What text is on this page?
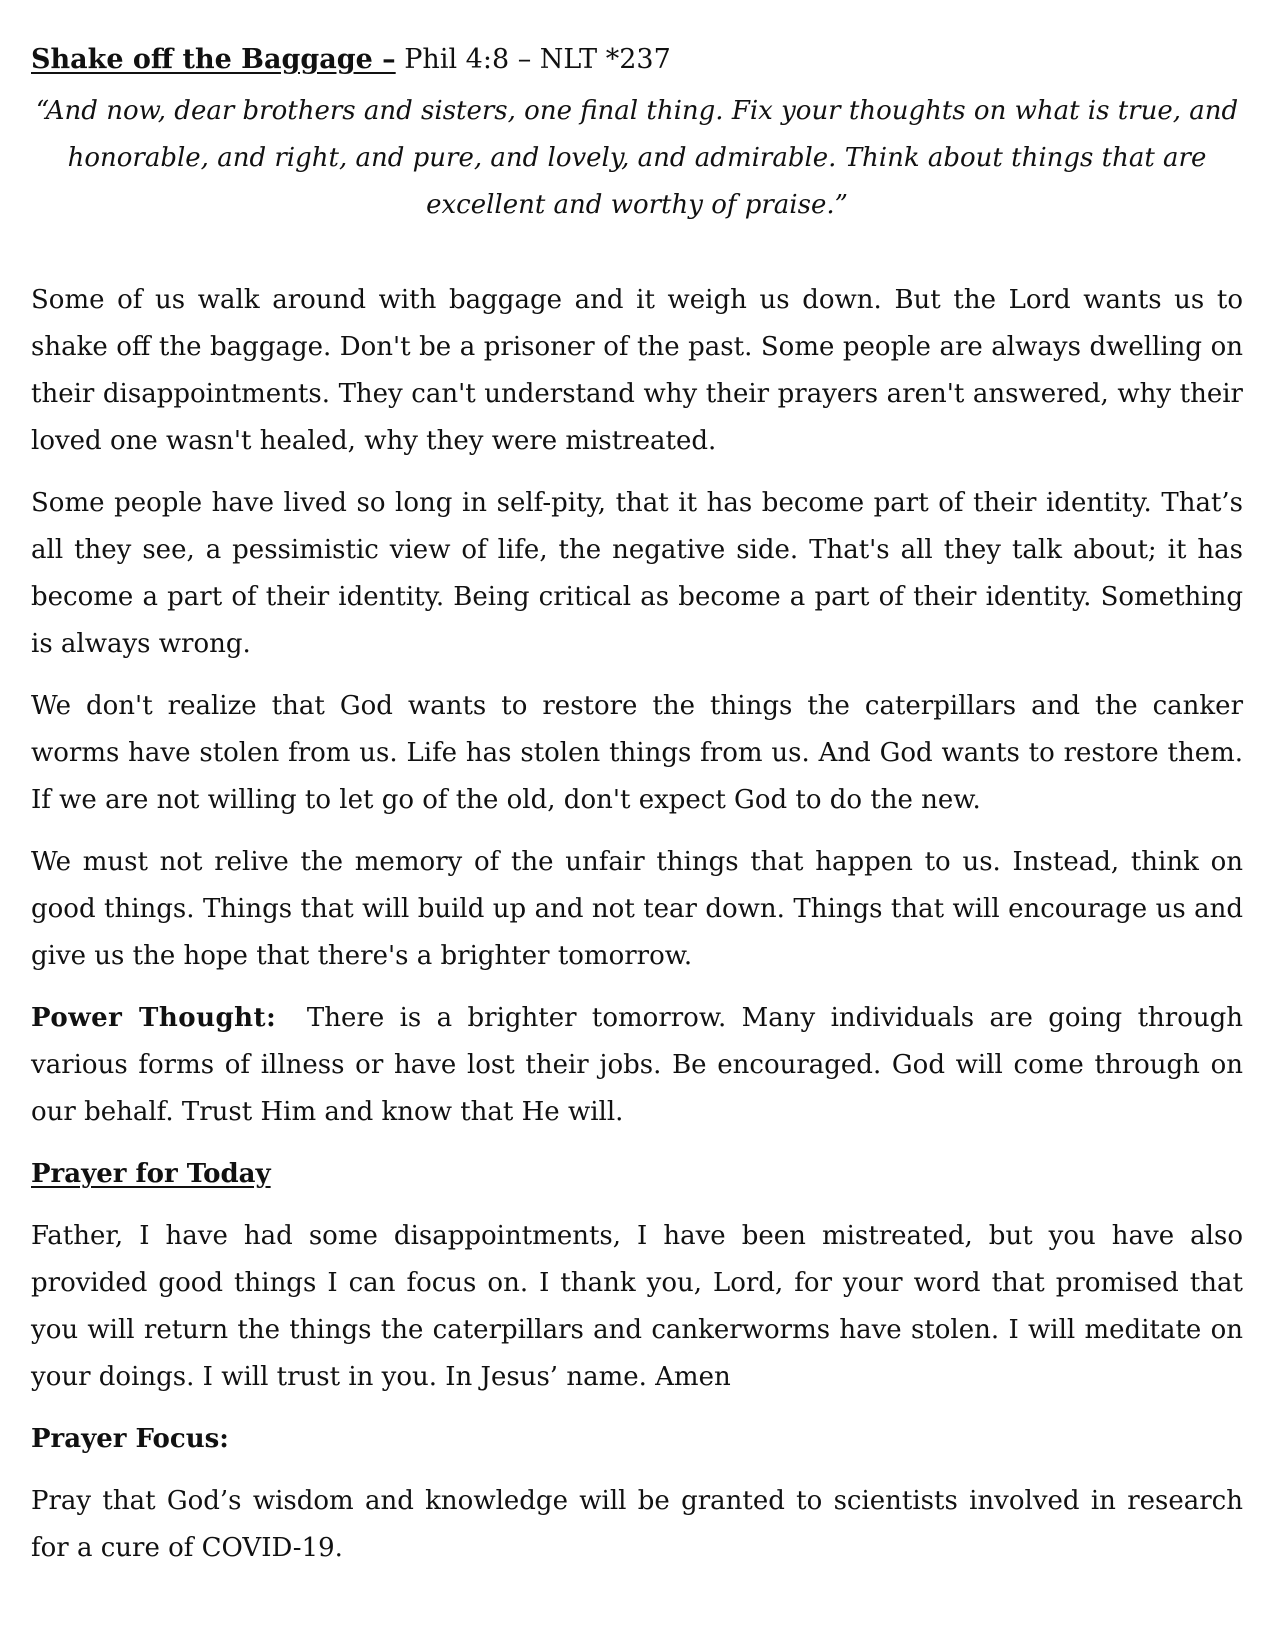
Shake off the Baggage – Phil 4:8 – NLT *237

“And now, dear brothers and sisters, one final thing. Fix your thoughts on what is true, and honorable, and right, and pure, and lovely, and admirable. Think about things that are excellent and worthy of praise.”

Some of us walk around with baggage and it weigh us down. But the Lord wants us to shake off the baggage. Don't be a prisoner of the past. Some people are always dwelling on their disappointments. They can't understand why their prayers aren't answered, why their loved one wasn't healed, why they were mistreated.

Some people have lived so long in self-pity, that it has become part of their identity. That’s all they see, a pessimistic view of life, the negative side. That's all they talk about; it has become a part of their identity. Being critical as become a part of their identity. Something is always wrong.

We don't realize that God wants to restore the things the caterpillars and the canker worms have stolen from us. Life has stolen things from us. And God wants to restore them. If we are not willing to let go of the old, don't expect God to do the new.

We must not relive the memory of the unfair things that happen to us. Instead, think on good things. Things that will build up and not tear down. Things that will encourage us and give us the hope that there's a brighter tomorrow.

Power Thought: There is a brighter tomorrow. Many individuals are going through various forms of illness or have lost their jobs. Be encouraged. God will come through on our behalf. Trust Him and know that He will.

Prayer for Today

Father, I have had some disappointments, I have been mistreated, but you have also provided good things I can focus on. I thank you, Lord, for your word that promised that you will return the things the caterpillars and cankerworms have stolen. I will meditate on your doings. I will trust in you. In Jesus’ name. Amen

Prayer Focus:

Pray that God’s wisdom and knowledge will be granted to scientists involved in research for a cure of COVID-19.
